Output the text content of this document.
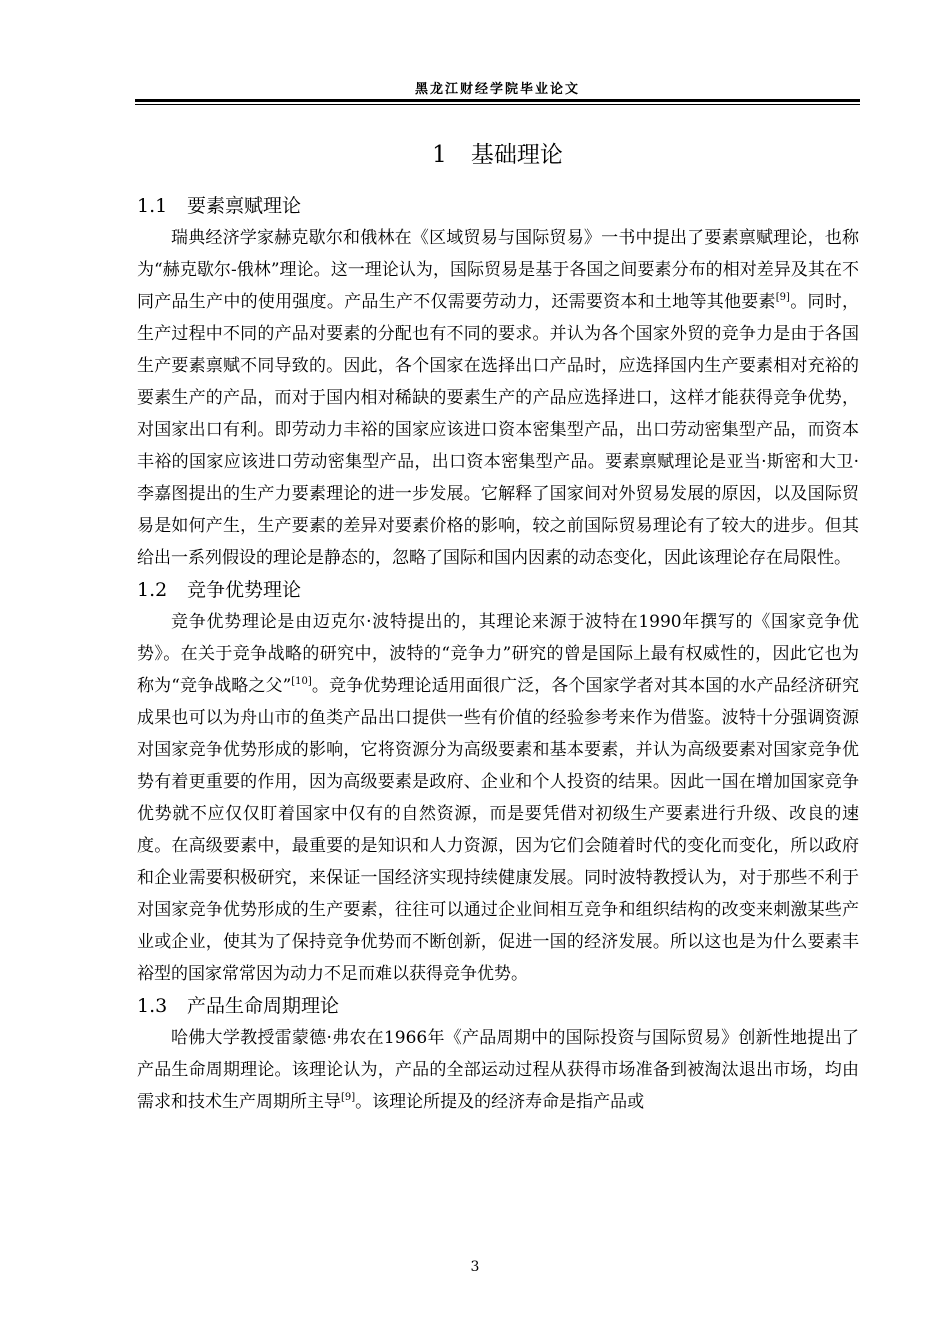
黑龙江财经学院毕业论文
1 基础理论
1.1 要素禀赋理论

瑞典经济学家赫克歇尔和俄林在《区域贸易与国际贸易》一书中提出了要素禀赋理论，也称为“赫克歇尔-俄林”理论。这一理论认为，国际贸易是基于各国之间要素分布的相对差异及其在不同产品生产中的使用强度。产品生产不仅需要劳动力，还需要资本和土地等其他要素[9]。同时，生产过程中不同的产品对要素的分配也有不同的要求。并认为各个国家外贸的竞争力是由于各国生产要素禀赋不同导致的。因此，各个国家在选择出口产品时，应选择国内生产要素相对充裕的要素生产的产品，而对于国内相对稀缺的要素生产的产品应选择进口，这样才能获得竞争优势，对国家出口有利。即劳动力丰裕的国家应该进口资本密集型产品，出口劳动密集型产品，而资本丰裕的国家应该进口劳动密集型产品，出口资本密集型产品。要素禀赋理论是亚当·斯密和大卫·李嘉图提出的生产力要素理论的进一步发展。它解释了国家间对外贸易发展的原因，以及国际贸易是如何产生，生产要素的差异对要素价格的影响，较之前国际贸易理论有了较大的进步。但其给出一系列假设的理论是静态的，忽略了国际和国内因素的动态变化，因此该理论存在局限性。

1.2 竞争优势理论

竞争优势理论是由迈克尔·波特提出的，其理论来源于波特在1990年撰写的《国家竞争优势》。在关于竞争战略的研究中，波特的“竞争力”研究的曾是国际上最有权威性的，因此它也为称为“竞争战略之父”[10]。竞争优势理论适用面很广泛，各个国家学者对其本国的水产品经济研究成果也可以为舟山市的鱼类产品出口提供一些有价值的经验参考来作为借鉴。波特十分强调资源对国家竞争优势形成的影响，它将资源分为高级要素和基本要素，并认为高级要素对国家竞争优势有着更重要的作用，因为高级要素是政府、企业和个人投资的结果。因此一国在增加国家竞争优势就不应仅仅盯着国家中仅有的自然资源，而是要凭借对初级生产要素进行升级、改良的速度。在高级要素中，最重要的是知识和人力资源，因为它们会随着时代的变化而变化，所以政府和企业需要积极研究，来保证一国经济实现持续健康发展。同时波特教授认为，对于那些不利于对国家竞争优势形成的生产要素，往往可以通过企业间相互竞争和组织结构的改变来刺激某些产业或企业，使其为了保持竞争优势而不断创新，促进一国的经济发展。所以这也是为什么要素丰裕型的国家常常因为动力不足而难以获得竞争优势。

1.3 产品生命周期理论

哈佛大学教授雷蒙德·弗农在1966年《产品周期中的国际投资与国际贸易》创新性地提出了产品生命周期理论。该理论认为，产品的全部运动过程从获得市场准备到被淘汰退出市场，均由需求和技术生产周期所主导[9]。该理论所提及的经济寿命是指产品或

3
